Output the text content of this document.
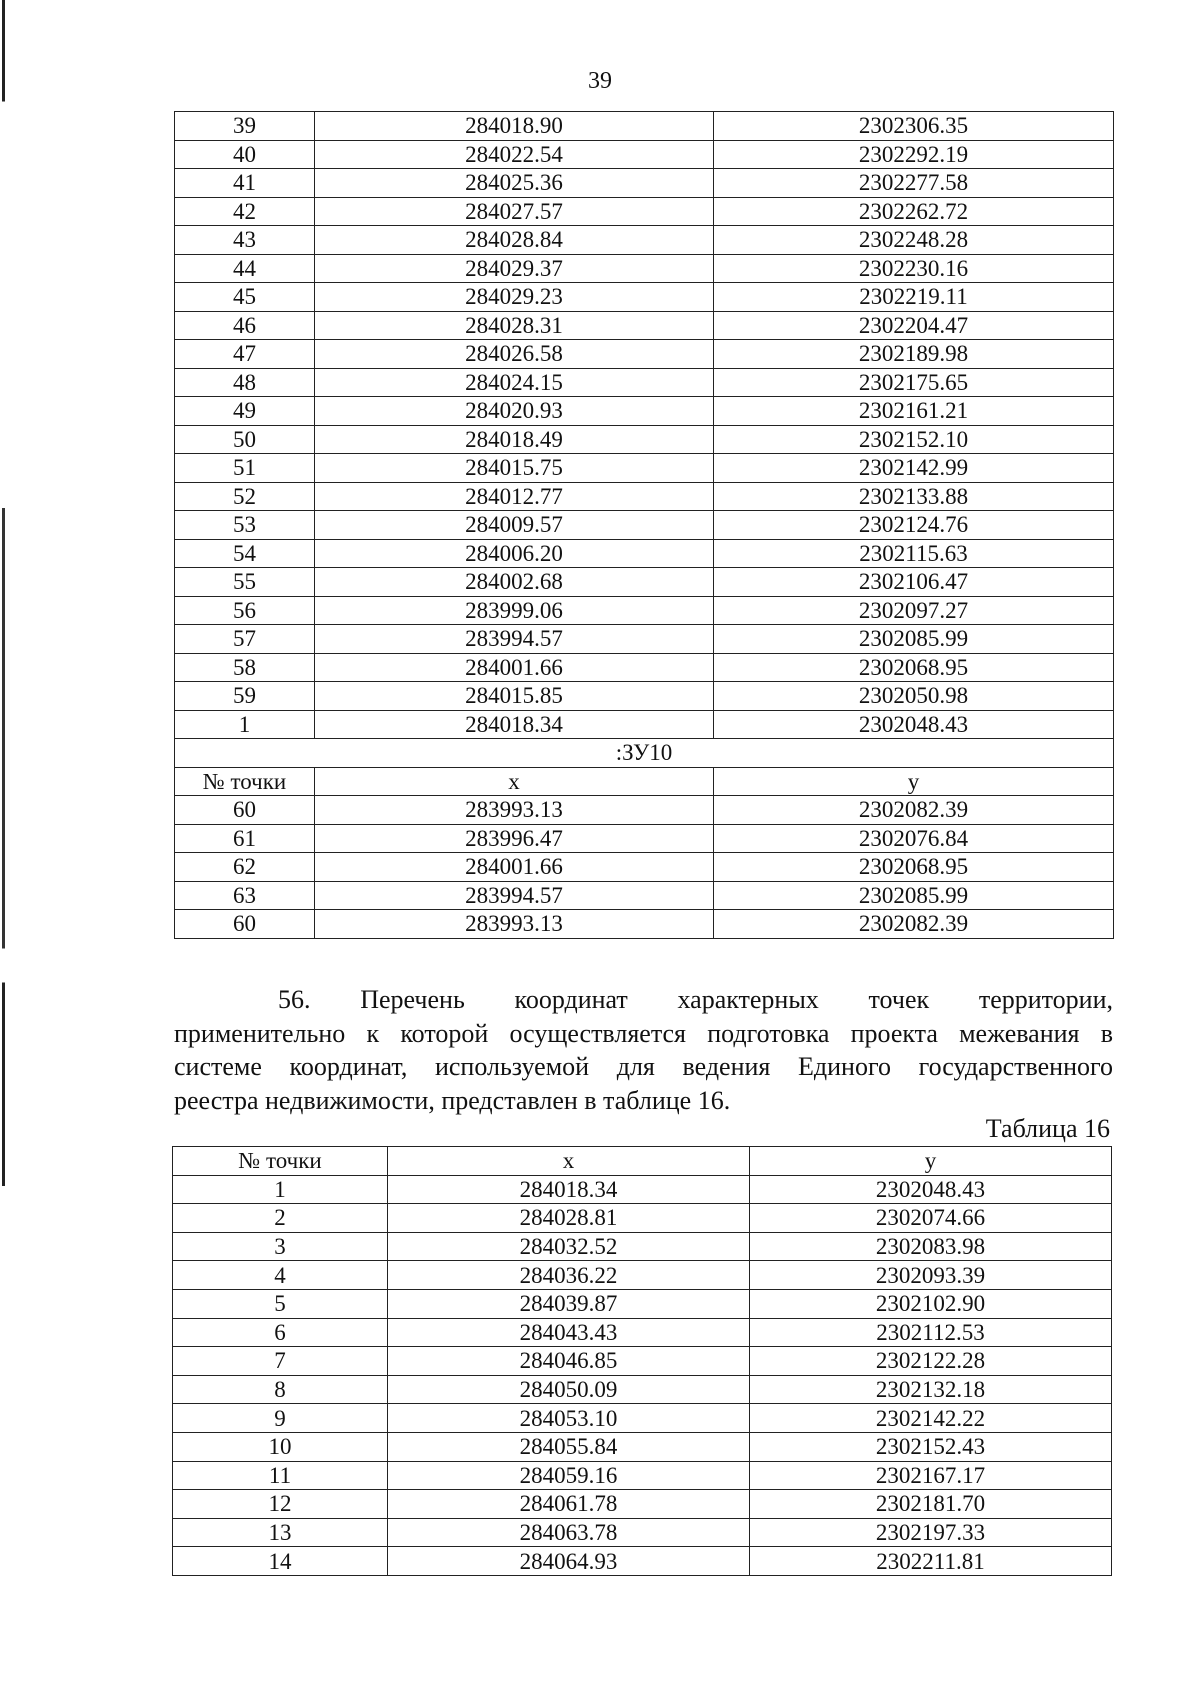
39
39	284018.90	2302306.35
40	284022.54	2302292.19
41	284025.36	2302277.58
42	284027.57	2302262.72
43	284028.84	2302248.28
44	284029.37	2302230.16
45	284029.23	2302219.11
46	284028.31	2302204.47
47	284026.58	2302189.98
48	284024.15	2302175.65
49	284020.93	2302161.21
50	284018.49	2302152.10
51	284015.75	2302142.99
52	284012.77	2302133.88
53	284009.57	2302124.76
54	284006.20	2302115.63
55	284002.68	2302106.47
56	283999.06	2302097.27
57	283994.57	2302085.99
58	284001.66	2302068.95
59	284015.85	2302050.98
1	284018.34	2302048.43
:ЗУ10		
№ точки	x	y
60	283993.13	2302082.39
61	283996.47	2302076.84
62	284001.66	2302068.95
63	283994.57	2302085.99
60	283993.13	2302082.39
56. Перечень координат характерных точек территории,
применительно к которой осуществляется подготовка проекта межевания в
системе координат, используемой для ведения Единого государственного
реестра недвижимости, представлен в таблице 16.
Таблица 16
№ точки	x	y
1	284018.34	2302048.43
2	284028.81	2302074.66
3	284032.52	2302083.98
4	284036.22	2302093.39
5	284039.87	2302102.90
6	284043.43	2302112.53
7	284046.85	2302122.28
8	284050.09	2302132.18
9	284053.10	2302142.22
10	284055.84	2302152.43
11	284059.16	2302167.17
12	284061.78	2302181.70
13	284063.78	2302197.33
14	284064.93	2302211.81
